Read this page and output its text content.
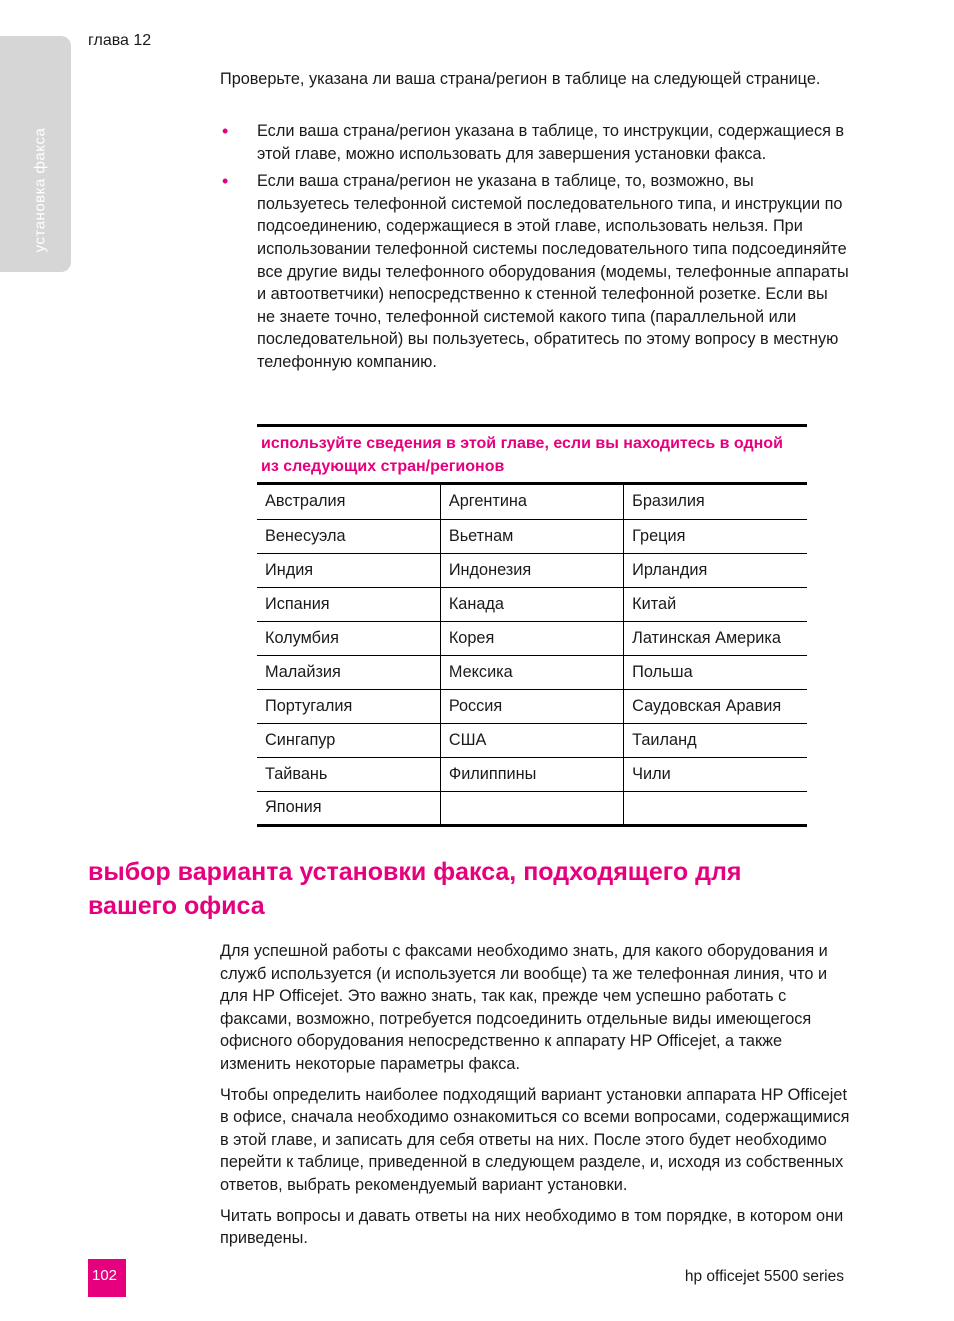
установка факса
глава 12

Проверьте, указана ли ваша страна/регион в таблице на следующей странице.

• Если ваша страна/регион указана в таблице, то инструкции, содержащиеся в этой главе, можно использовать для завершения установки факса.
• Если ваша страна/регион не указана в таблице, то, возможно, вы пользуетесь телефонной системой последовательного типа, и инструкции по подсоединению, содержащиеся в этой главе, использовать нельзя. При использовании телефонной системы последовательного типа подсоединяйте все другие виды телефонного оборудования (модемы, телефонные аппараты и автоответчики) непосредственно к стенной телефонной розетке. Если вы не знаете точно, телефонной системой какого типа (параллельной или последовательной) вы пользуетесь, обратитесь по этому вопросу в местную телефонную компанию.
используйте сведения в этой главе, если вы находитесь в одной из следующих стран/регионов
Австралия	Аргентина	Бразилия
Венесуэла	Вьетнам	Греция
Индия	Индонезия	Ирландия
Испания	Канада	Китай
Колумбия	Корея	Латинская Америка
Малайзия	Мексика	Польша
Португалия	Россия	Саудовская Аравия
Сингапур	США	Таиланд
Тайвань	Филиппины	Чили
Япония		
выбор варианта установки факса, подходящего для вашего офиса

Для успешной работы с факсами необходимо знать, для какого оборудования и служб используется (и используется ли вообще) та же телефонная линия, что и для HP Officejet. Это важно знать, так как, прежде чем успешно работать с факсами, возможно, потребуется подсоединить отдельные виды имеющегося офисного оборудования непосредственно к аппарату HP Officejet, а также изменить некоторые параметры факса.

Чтобы определить наиболее подходящий вариант установки аппарата HP Officejet в офисе, сначала необходимо ознакомиться со всеми вопросами, содержащимися в этой главе, и записать для себя ответы на них. После этого будет необходимо перейти к таблице, приведенной в следующем разделе, и, исходя из собственных ответов, выбрать рекомендуемый вариант установки.

Читать вопросы и давать ответы на них необходимо в том порядке, в котором они приведены.

102	hp officejet 5500 series
